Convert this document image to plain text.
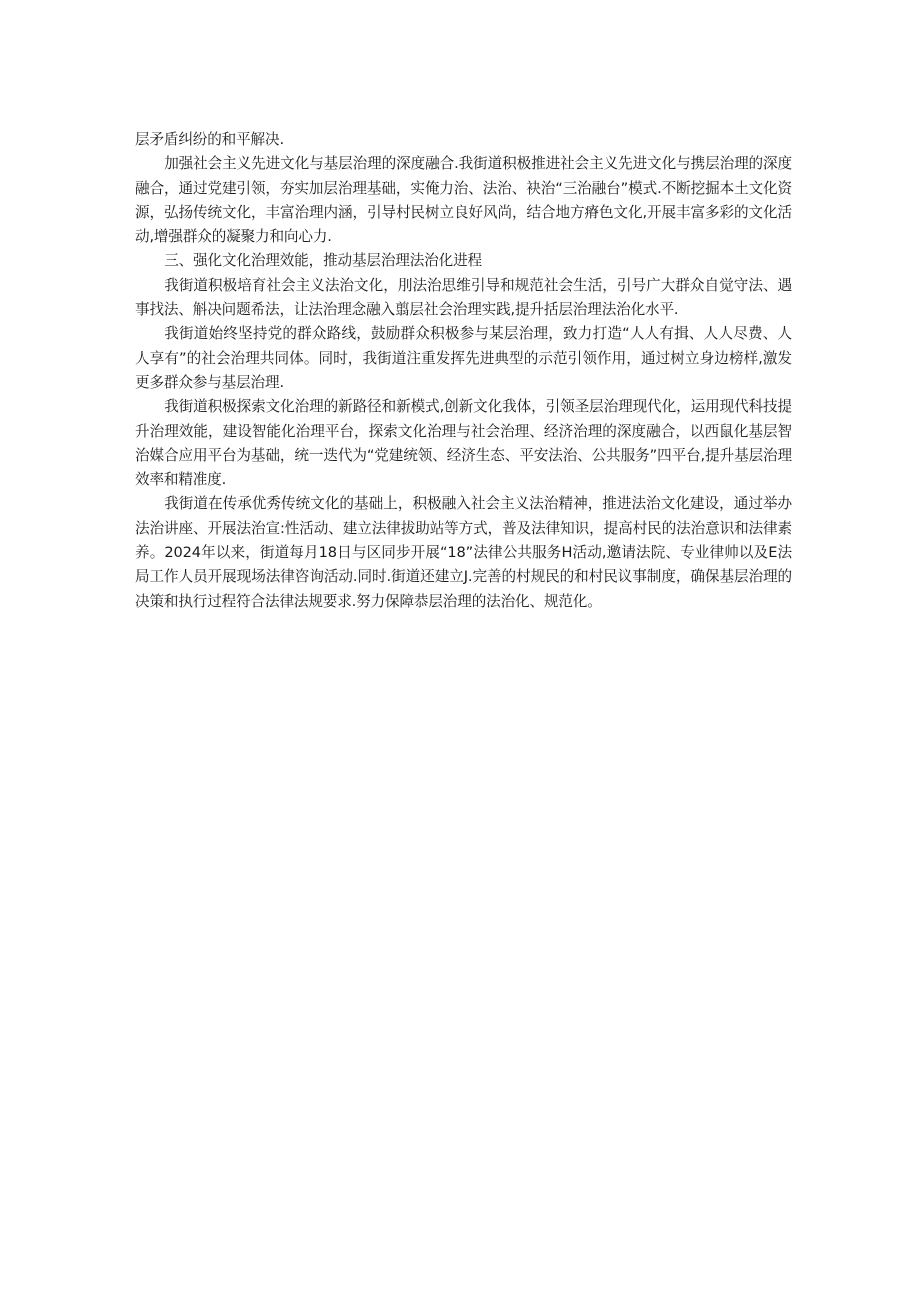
层矛盾纠纷的和平解决.

加强社会主义先进文化与基层治理的深度融合.我街道积极推进社会主义先进文化与携层治理的深度融合，通过党建引领，夯实加层治理基础，实俺力治、法治、袂治“三治融台”模式.不断挖掘本土文化资源，弘扬传统文化，丰富治理内涵，引导村民树立良好风尚，结合地方瘠色文化,开展丰富多彩的文化活动,增强群众的凝聚力和向心力.

三、强化文化治理效能，推动基层治理法治化进程

我街道积极培育社会主义法治文化，刖法治思维引导和规范社会生活，引号广大群众自觉守法、遇事找法、斛决问题希法，让法治理念融入翦层社会治理实践,提升括层治理法治化水平.

我街道始终坚持党的群众路线，鼓励群众积极参与某层治理，致力打造“人人有揖、人人尽费、人人享有”的社会治理共同体。同时，我街道注重发挥先进典型的示范引领作用，通过树立身边榜样,激发更多群众参与基层治理.

我街道积极探索文化治理的新路径和新模式,创新文化我体，引领圣层治理现代化，运用现代科技提升治理效能，建设智能化治理平台，探索文化治理与社会治理、经济治理的深度融合，以西鼠化基层智治媒合应用平台为基础，统一迭代为“党建统领、经济生态、平安法治、公共服务”四平台,提升基层治理效率和精准度.

我街道在传承优秀传统文化的基础上，积极融入社会主义法治精神，推进法治文化建设，通过举办法治讲座、开展法治宣:性活动、建立法律拔助站等方式，普及法律知识，提高村民的法治意识和法律素养。2024年以来，街道每月18日与区同步开展“18”法律公共服务H活动,邀请法院、专业律帅以及E法局工作人员开展现场法律咨询活动.同时.街道还建立J.完善的村规民的和村民议事制度，确保基层治理的决策和执行过程符合法律法规要求.努力保障恭层治理的法治化、规范化。
